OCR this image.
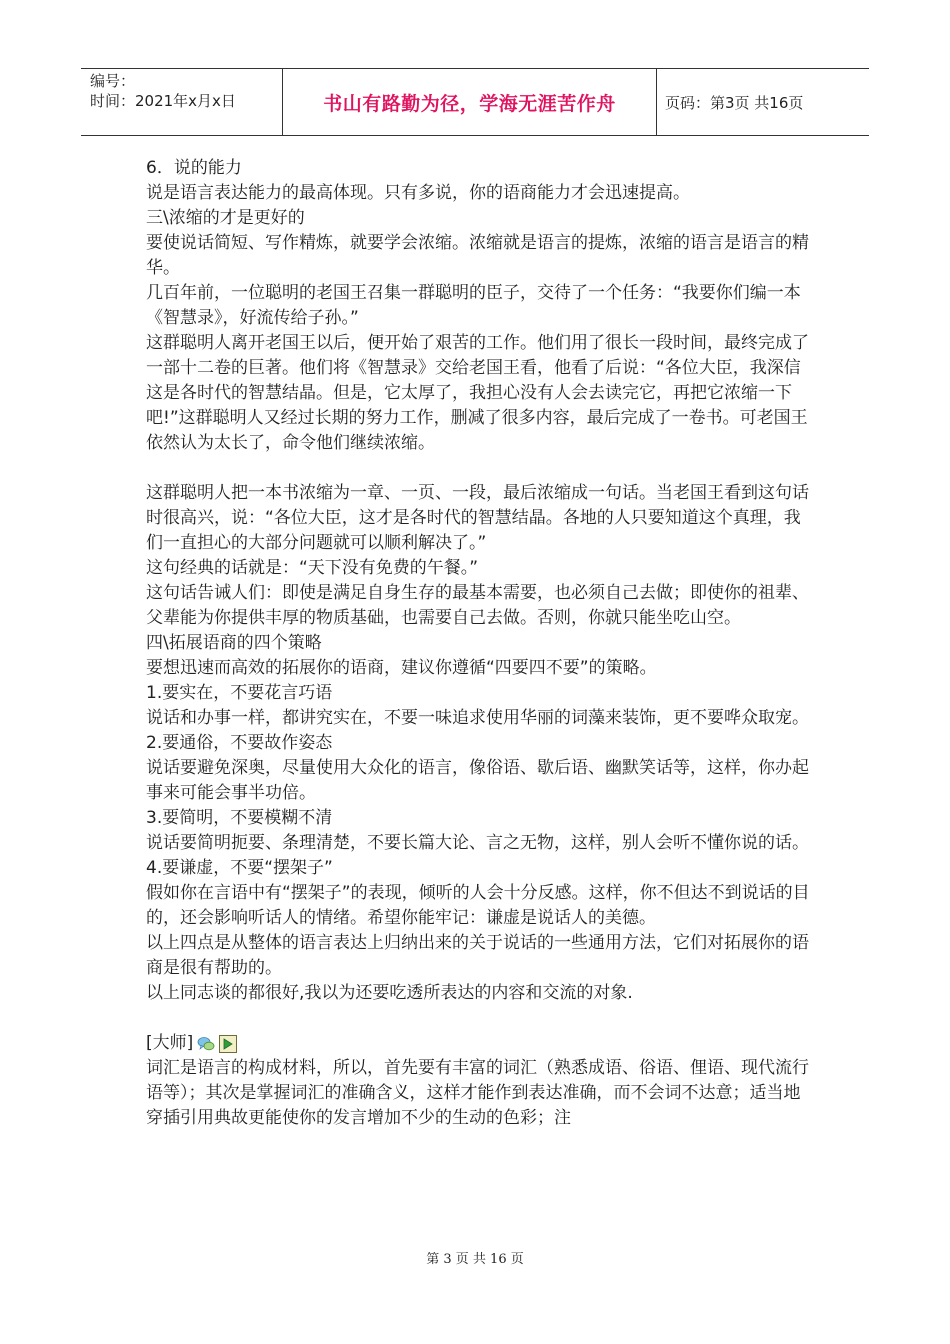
编号：
时间：2021年x月x日	书山有路勤为径，学海无涯苦作舟	页码：第3页 共16页

6．说的能力

说是语言表达能力的最高体现。只有多说，你的语商能力才会迅速提高。

三\浓缩的才是更好的

要使说话简短、写作精炼，就要学会浓缩。浓缩就是语言的提炼，浓缩的语言是语言的精华。

几百年前，一位聪明的老国王召集一群聪明的臣子，交待了一个任务：“我要你们编一本《智慧录》，好流传给子孙。”

这群聪明人离开老国王以后，便开始了艰苦的工作。他们用了很长一段时间，最终完成了一部十二卷的巨著。他们将《智慧录》交给老国王看，他看了后说：“各位大臣，我深信这是各时代的智慧结晶。但是，它太厚了，我担心没有人会去读完它，再把它浓缩一下吧!”这群聪明人又经过长期的努力工作，删减了很多内容，最后完成了一卷书。可老国王依然认为太长了，命令他们继续浓缩。

这群聪明人把一本书浓缩为一章、一页、一段，最后浓缩成一句话。当老国王看到这句话时很高兴，说：“各位大臣，这才是各时代的智慧结晶。各地的人只要知道这个真理，我们一直担心的大部分问题就可以顺利解决了。”

这句经典的话就是：“天下没有免费的午餐。”

这句话告诫人们：即使是满足自身生存的最基本需要，也必须自己去做；即使你的祖辈、父辈能为你提供丰厚的物质基础，也需要自己去做。否则，你就只能坐吃山空。

四\拓展语商的四个策略

要想迅速而高效的拓展你的语商，建议你遵循“四要四不要”的策略。

1.要实在，不要花言巧语

说话和办事一样，都讲究实在，不要一味追求使用华丽的词藻来装饰，更不要哗众取宠。

2.要通俗，不要故作姿态

说话要避免深奥，尽量使用大众化的语言，像俗语、歇后语、幽默笑话等，这样，你办起事来可能会事半功倍。

3.要简明，不要模糊不清

说话要简明扼要、条理清楚，不要长篇大论、言之无物，这样，别人会听不懂你说的话。

4.要谦虚，不要“摆架子”

假如你在言语中有“摆架子”的表现，倾听的人会十分反感。这样，你不但达不到说话的目的，还会影响听话人的情绪。希望你能牢记：谦虚是说话人的美德。

以上四点是从整体的语言表达上归纳出来的关于说话的一些通用方法，它们对拓展你的语商是很有帮助的。

以上同志谈的都很好,我以为还要吃透所表达的内容和交流的对象.

[大师]

词汇是语言的构成材料，所以，首先要有丰富的词汇（熟悉成语、俗语、俚语、现代流行语等）；其次是掌握词汇的准确含义，这样才能作到表达准确，而不会词不达意；适当地穿插引用典故更能使你的发言增加不少的生动的色彩；注

第 3 页 共 16 页
